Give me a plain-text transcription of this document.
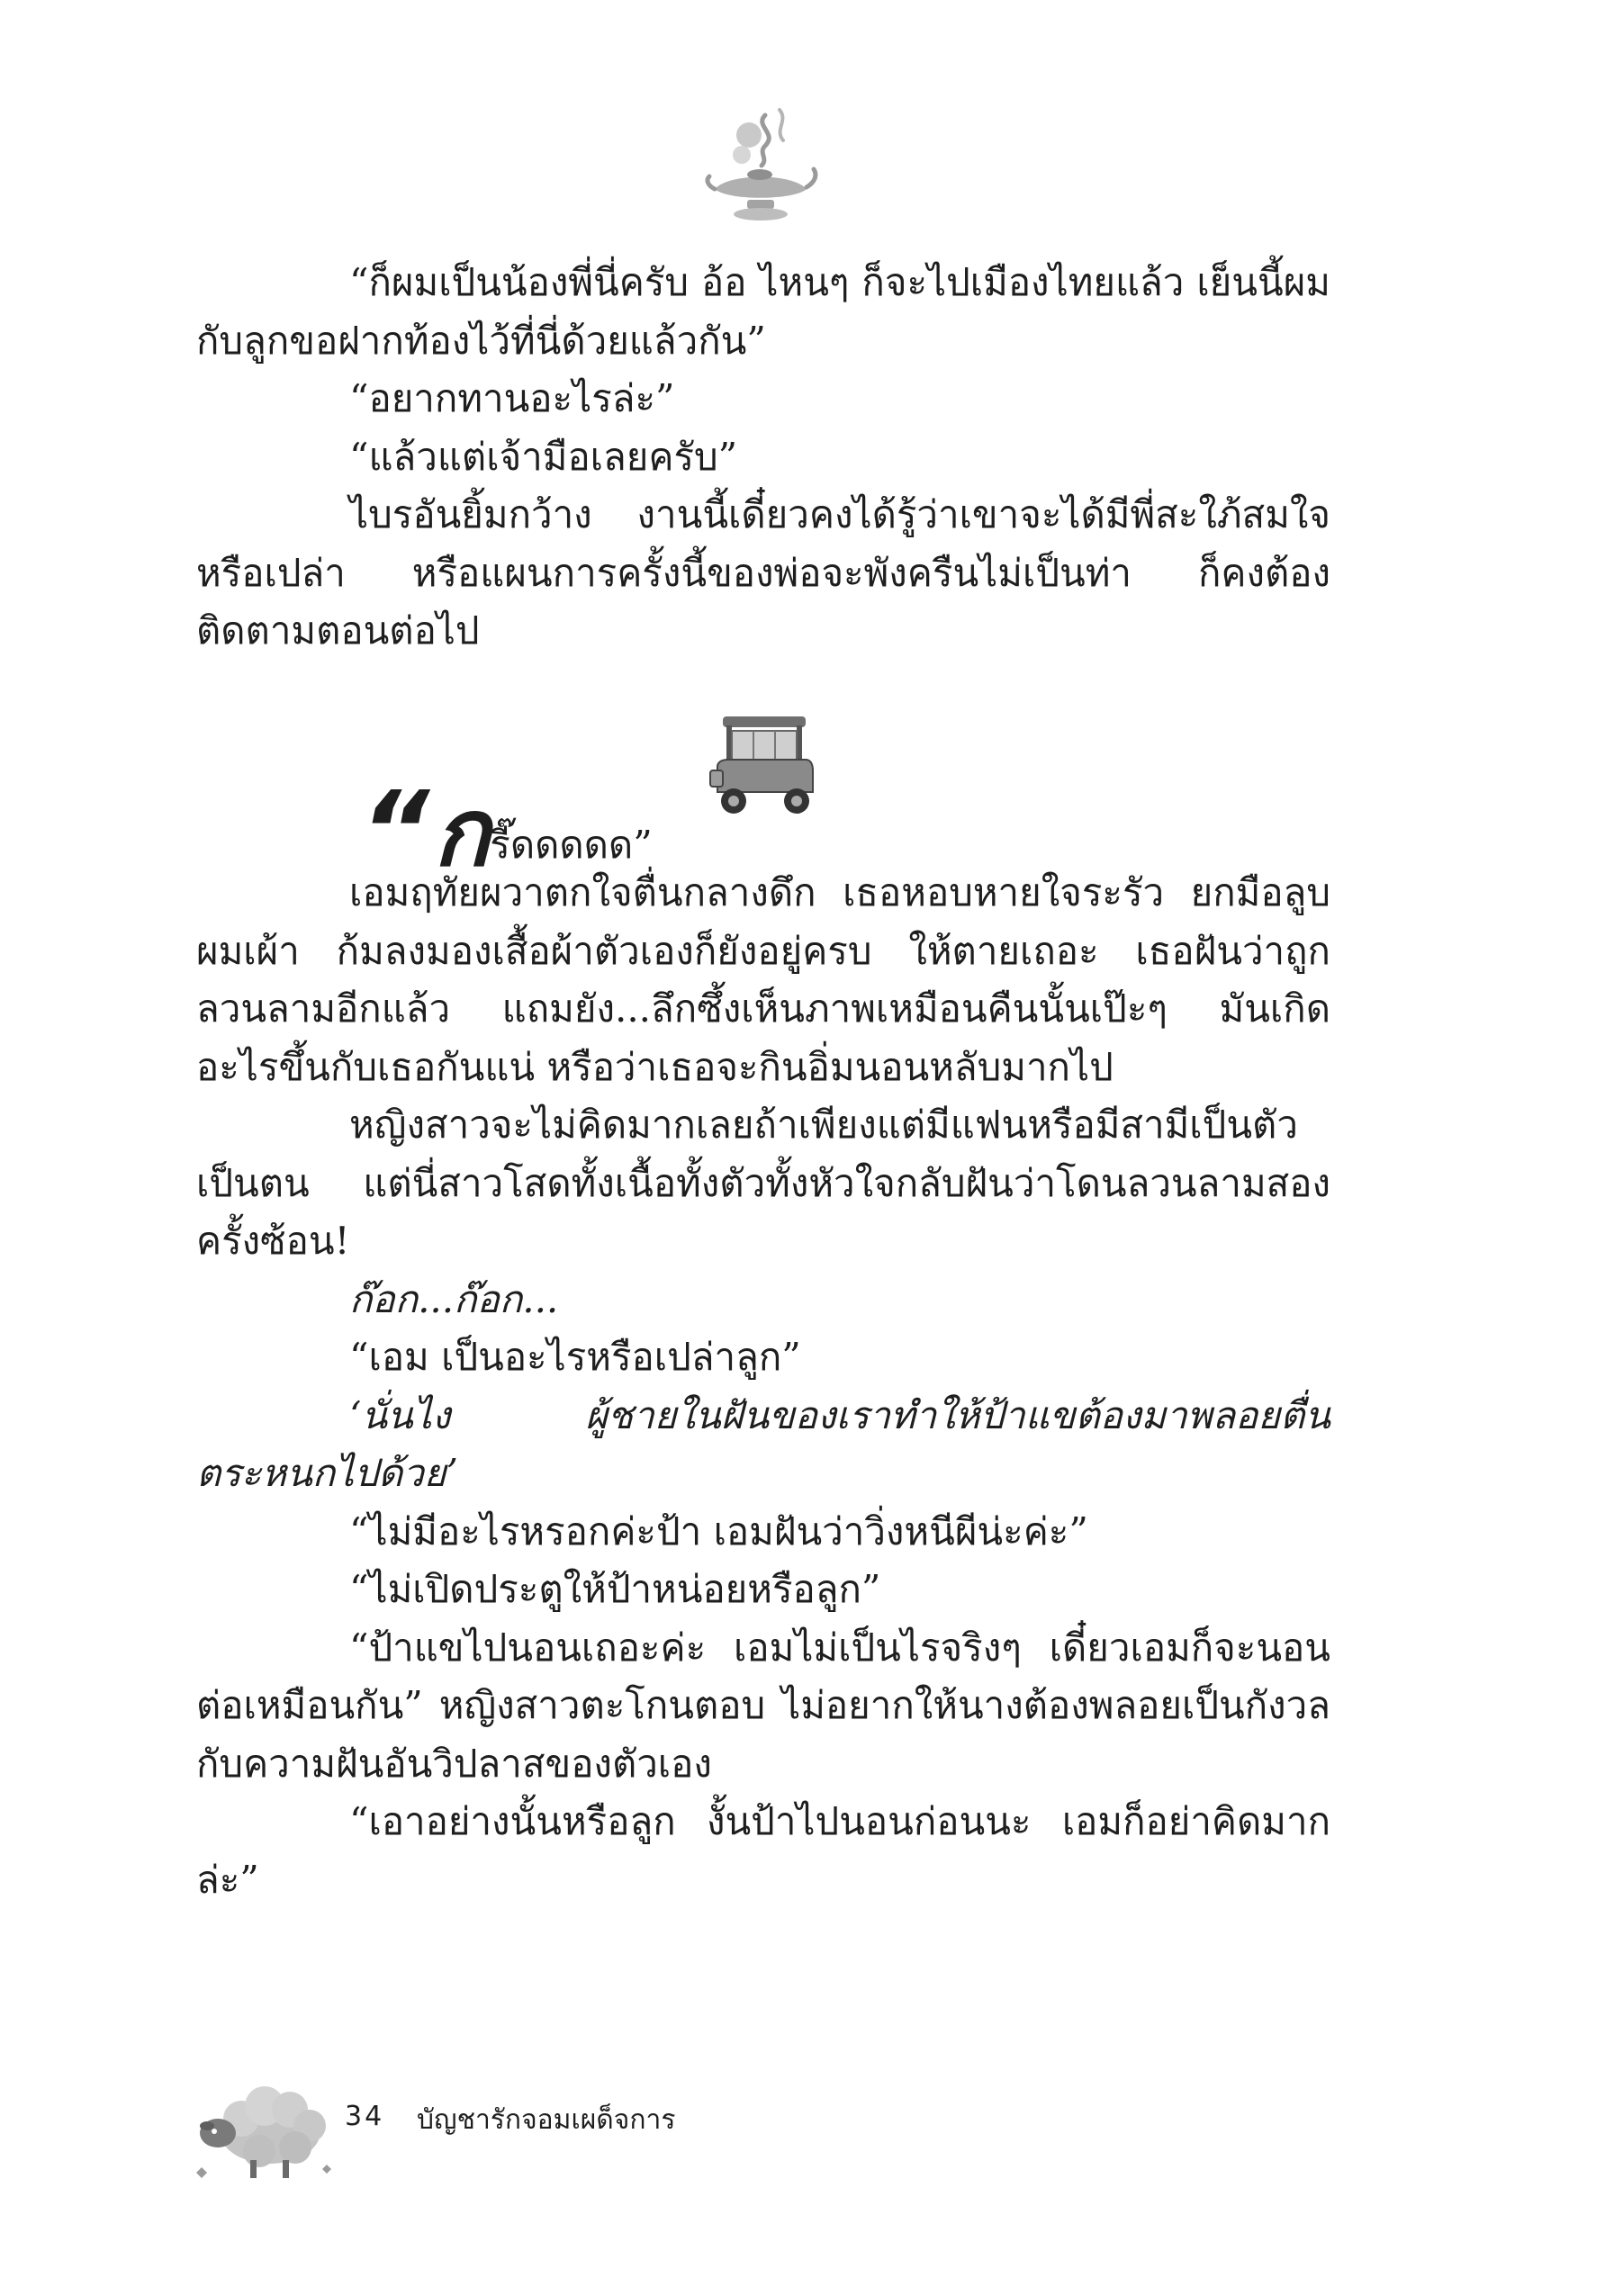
“ก็ผมเป็นน้องพี่นี่ครับ อ้อ ไหนๆ ก็จะไปเมืองไทยแล้ว เย็นนี้ผมกับลูกขอฝากท้องไว้ที่นี่ด้วยแล้วกัน”

“อยากทานอะไรล่ะ”

“แล้วแต่เจ้ามือเลยครับ”

ไบรอันยิ้มกว้าง งานนี้เดี๋ยวคงได้รู้ว่าเขาจะได้มีพี่สะใภ้สมใจหรือเปล่า หรือแผนการครั้งนี้ของพ่อจะพังครืนไม่เป็นท่า ก็คงต้องติดตามตอนต่อไป

“กรี๊ดดดดด”

เอมฤทัยผวาตกใจตื่นกลางดึก เธอหอบหายใจระรัว ยกมือลูบผมเผ้า ก้มลงมองเสื้อผ้าตัวเองก็ยังอยู่ครบ ให้ตายเถอะ เธอฝันว่าถูกลวนลามอีกแล้ว แถมยัง...ลึกซึ้งเห็นภาพเหมือนคืนนั้นเป๊ะๆ มันเกิดอะไรขึ้นกับเธอกันแน่ หรือว่าเธอจะกินอิ่มนอนหลับมากไป

หญิงสาวจะไม่คิดมากเลยถ้าเพียงแต่มีแฟนหรือมีสามีเป็นตัวเป็นตน แต่นี่สาวโสดทั้งเนื้อทั้งตัวทั้งหัวใจกลับฝันว่าโดนลวนลามสองครั้งซ้อน!

ก๊อก...ก๊อก...

“เอม เป็นอะไรหรือเปล่าลูก”

‘นั่นไง ผู้ชายในฝันของเราทำให้ป้าแขต้องมาพลอยตื่นตระหนกไปด้วย’

“ไม่มีอะไรหรอกค่ะป้า เอมฝันว่าวิ่งหนีผีน่ะค่ะ”

“ไม่เปิดประตูให้ป้าหน่อยหรือลูก”

“ป้าแขไปนอนเถอะค่ะ เอมไม่เป็นไรจริงๆ เดี๋ยวเอมก็จะนอนต่อเหมือนกัน” หญิงสาวตะโกนตอบ ไม่อยากให้นางต้องพลอยเป็นกังวลกับความฝันอันวิปลาสของตัวเอง

“เอาอย่างนั้นหรือลูก งั้นป้าไปนอนก่อนนะ เอมก็อย่าคิดมากล่ะ”

34 บัญชารักจอมเผด็จการ
